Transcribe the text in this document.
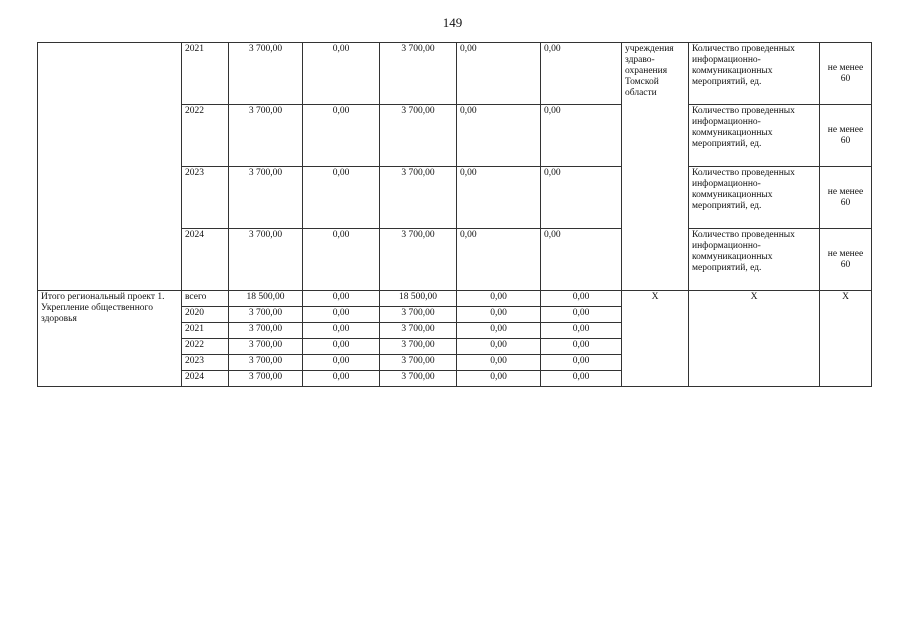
149
	2021	3 700,00	0,00	3 700,00	0,00	0,00	учреждения здраво-охранения Томской области	Количество проведенных информационно-коммуникационных мероприятий, ед.	не менее 60
	2022	3 700,00	0,00	3 700,00	0,00	0,00		Количество проведенных информационно-коммуникационных мероприятий, ед.	не менее 60
	2023	3 700,00	0,00	3 700,00	0,00	0,00		Количество проведенных информационно-коммуникационных мероприятий, ед.	не менее 60
	2024	3 700,00	0,00	3 700,00	0,00	0,00		Количество проведенных информационно-коммуникационных мероприятий, ед.	не менее 60
Итого региональный проект 1. Укрепление общественного здоровья	всего	18 500,00	0,00	18 500,00	0,00	0,00	X	X	X
	2020	3 700,00	0,00	3 700,00	0,00	0,00			
	2021	3 700,00	0,00	3 700,00	0,00	0,00			
	2022	3 700,00	0,00	3 700,00	0,00	0,00			
	2023	3 700,00	0,00	3 700,00	0,00	0,00			
	2024	3 700,00	0,00	3 700,00	0,00	0,00			
